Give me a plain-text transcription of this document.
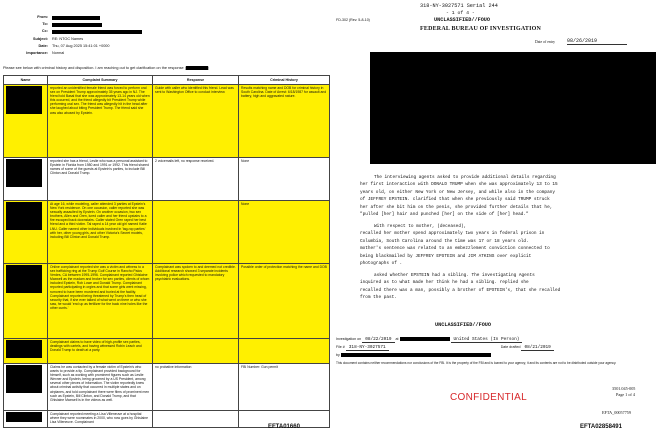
From:
To:
Cc:
Subject: RE: NTOC Names
Date: Thu, 07 Aug 2025 15:41:01 +0000
Importance: Normal
Please see below with criminal history and disposition. I am reaching out to get clarification on the response (	)
Name	Complaint Summary	Response	Criminal History
	reported an unidentified female friend was forced to perform oral sex on President Trump approximately 35 years ago in NJ. The friend told Basal that she was approximately 13-14 years old when this occurred, and the friend allegedly bit President Trump while performing oral sex. The friend was allegedly hit in the head after she laughed about biting President Trump. The friend said she was also abused by Epstein.	Guide with caller who identified this friend. Lead was sent to Washington Office to conduct interview.	Results matching name and DOB for criminal history in South Carolina. Date of Arrest: 6/18/1987 for assault and battery, high and aggravated nature.
	reported she has a friend, Leslie who was a personal assistant to Epstein in Florida from 1980 and 1991 or 1992. This friend shared names of some of the guests at Epstein's parties, to include Bill Clinton and Donald Trump.	2 voicemails left, no response received.	None
	At age 16, while modeling, caller attended 3 parties at Epstein's New York residence. On one occasion, caller reported she was sexually assaulted by Epstein. On another occasion, two sex brothers, Allen and Oren, lured caller and her friend upstairs to a fire escaped back downstairs. Caller stated Oren raped her best friend and a third victim. Tal raped a 14 year old girl named Katie LNU. Caller named other individuals involved in 'tag-rop parties' with her, other young girls, and other Victoria's Secret models, including Bill Clinton and Donald Trump.		None
	Online complainant reported she was a victim and witness to a sex trafficking ring at the Trump Golf Course in Rancho Palos Verdes, CA between 1995-1996. Complainant reported Ghislaine Maxwell as the madam and broker for sex parties, clients of whom included Epstein, Rob Lowe and Donald Trump. Complainant reported participating in orgies and that some girls went missing, rumored to have been murdered and buried at the facility. Complainant reported being threatened by Trump's then head of security that, if she ever talked of what went on there or who she saw, he would 'end up as fertilizer for the back nine holes like the other cunts.'	Complainant was spoken to and deemed not credible. Additional research showed 3 separate incidents involving police which requested to mandatory psychiatric evaluations.	Possible order of protection matching the name and DOB
	Complainant claims to have video of high-profile sex parties, dealings with cartels, and having witnessed Robin Leach and Donald Trump to death at a party.		
	Claims he was contacted by a female victim of Epstein's who wants to provide a tip. Complainant provided background for himself, such as working with prominent figures such as Leslie Wexner and Epstein, being groomed by a US President, among several other pieces of information. The victim reportedly knew about criminal activity that occurred in multiple states and on airplanes, and told complainant there were films of prominent men such as Epstein, Bill Clinton, and Donald Trump, and that Ghislaine Maxwell is in the videos as well.	no probative information	FBI Number: Gun permit
	Complainant reported meeting a Lisa Villeneuve at a hospital where they were roommates in 2000, who now goes by Ghislaine Lisa Villeneuve. Complainant		
EFTA01660
318-NY-3027571 Serial 244
- 1 of 4 -
FD-302 (Rev. 5-8-10)	UNCLASSIFIED//FOUO
FEDERAL BUREAU OF INVESTIGATION
Date of entry 08/26/2019
The interviewing agents asked to provide additional details regarding
her first interaction with DONALD TRUMP when she was approximately 13 to 15
years old, on either New York or New Jersey, and while also in the company
of JEFFREY EPSTEIN. clarified that when she previously said TRUMP struck
her after she bit him on the penis, she provided further details that he,
"pulled [her] hair and punched [her] on the side of [her] head."
With respect to mother, (deceased),
recalled her mother spend approximately two years in federal prison in
Columbia, South Carolina around the time was 17 or 18 years old.
mother's sentence was related to an embezzlement conviction connected to
being blackmailed by JEFFREY EPSTEIN and JIM ATKINS over explicit
photographs of .
asked whether EPSTEIN had a sibling. The investigating Agents
inquired as to what made her think he had a sibling. replied she
recalled there was a man, possibly a brother of EPSTEIN's, that she recalled
from the past.
UNCLASSIFIED//FOUO
Investigation on 08/22/2019 at	United States (In Person)
File # 318-NY-3027571	Date drafted 08/21/2019
by
This document contains neither recommendations nor conclusions of the FBI. It is the property of the FBI and is loaned to your agency; it and its contents are not to be distributed outside your agency.
CONFIDENTIAL
3501.045-005
Page 1 of 4
EFTA_00057759
EFTA02858491
